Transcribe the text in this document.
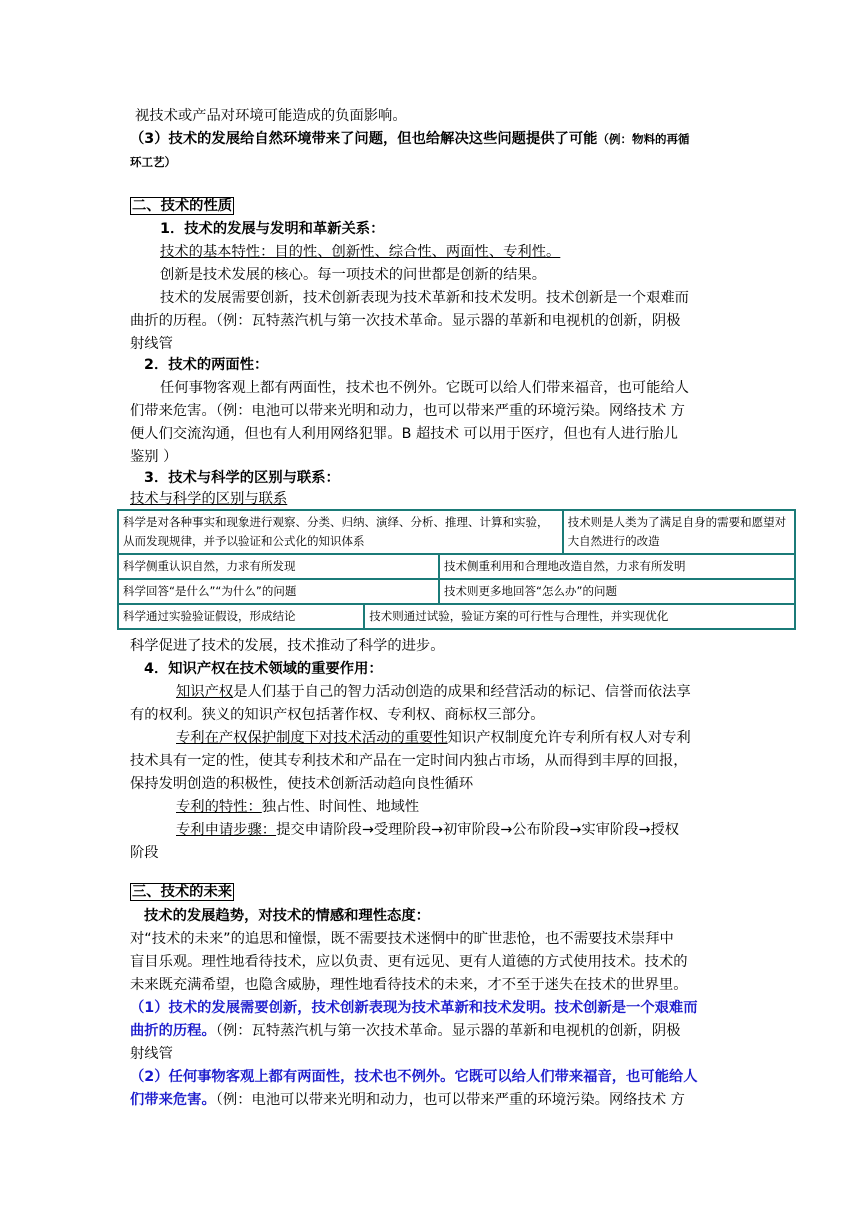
视技术或产品对环境可能造成的负面影响。
（3）技术的发展给自然环境带来了问题，但也给解决这些问题提供了可能（例：物料的再循
环工艺）
二、技术的性质
1．技术的发展与发明和革新关系：
技术的基本特性：目的性、创新性、综合性、两面性、专利性。
创新是技术发展的核心。每一项技术的问世都是创新的结果。
技术的发展需要创新，技术创新表现为技术革新和技术发明。技术创新是一个艰难而
曲折的历程。（例：瓦特蒸汽机与第一次技术革命。显示器的革新和电视机的创新，阴极
射线管
2．技术的两面性：
任何事物客观上都有两面性，技术也不例外。它既可以给人们带来福音，也可能给人
们带来危害。（例：电池可以带来光明和动力，也可以带来严重的环境污染。网络技术 方
便人们交流沟通，但也有人利用网络犯罪。B 超技术 可以用于医疗，但也有人进行胎儿
鉴别 ）
3．技术与科学的区别与联系：
技术与科学的区别与联系
科学是对各种事实和现象进行观察、分类、归纳、演绎、分析、推理、计算和实验，从而发现规律，并予以验证和公式化的知识体系			技术则是人类为了满足自身的需要和愿望对大自然进行的改造
科学侧重认识自然，力求有所发现		技术侧重利用和合理地改造自然，力求有所发明	
科学回答“是什么”“为什么”的问题		技术则更多地回答“怎么办”的问题	
科学通过实验验证假设，形成结论	技术则通过试验，验证方案的可行性与合理性，并实现优化		
科学促进了技术的发展，技术推动了科学的进步。
4．知识产权在技术领域的重要作用：
知识产权是人们基于自己的智力活动创造的成果和经营活动的标记、信誉而依法享
有的权利。狭义的知识产权包括著作权、专利权、商标权三部分。
专利在产权保护制度下对技术活动的重要性知识产权制度允许专利所有权人对专利
技术具有一定的性，使其专利技术和产品在一定时间内独占市场，从而得到丰厚的回报，
保持发明创造的积极性，使技术创新活动趋向良性循环
专利的特性：独占性、时间性、地域性
专利申请步骤：提交申请阶段→受理阶段→初审阶段→公布阶段→实审阶段→授权
阶段
三、技术的未来
技术的发展趋势，对技术的情感和理性态度：
对“技术的未来”的追思和憧憬，既不需要技术迷惘中的旷世悲怆，也不需要技术崇拜中
盲目乐观。理性地看待技术，应以负责、更有远见、更有人道德的方式使用技术。技术的
未来既充满希望，也隐含威胁，理性地看待技术的未来，才不至于迷失在技术的世界里。
（1）技术的发展需要创新，技术创新表现为技术革新和技术发明。技术创新是一个艰难而
曲折的历程。（例：瓦特蒸汽机与第一次技术革命。显示器的革新和电视机的创新，阴极
射线管
（2）任何事物客观上都有两面性，技术也不例外。它既可以给人们带来福音，也可能给人
们带来危害。（例：电池可以带来光明和动力，也可以带来严重的环境污染。网络技术 方
